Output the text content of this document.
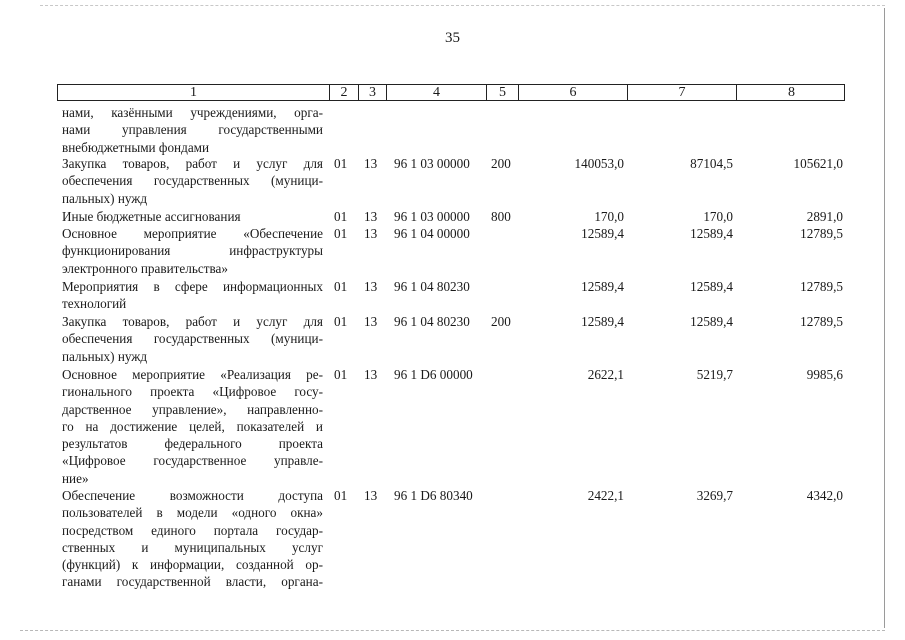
35
1	2	3	4	5	6	7	8
нами, казёнными учреждениями, орга-
нами управления государственными
внебюджетными фондами
Закупка товаров, работ и услуг для
обеспечения государственных (муници-
пальных) нужд
01 13 96 1 03 00000 200	140053,0	87104,5	105621,0
Иные бюджетные ассигнования	01 13 96 1 03 00000 800	170,0	170,0	2891,0
Основное мероприятие «Обеспечение
функционирования инфраструктуры
электронного правительства»
01 13 96 1 04 00000	12589,4	12589,4	12789,5
Мероприятия в сфере информационных
технологий
01 13 96 1 04 80230	12589,4	12589,4	12789,5
Закупка товаров, работ и услуг для
обеспечения государственных (муници-
пальных) нужд
01 13 96 1 04 80230 200	12589,4	12589,4	12789,5
Основное мероприятие «Реализация ре-
гионального проекта «Цифровое госу-
дарственное управление», направленно-
го на достижение целей, показателей и
результатов федерального проекта
«Цифровое государственное управле-
ние»
01 13 96 1 D6 00000	2622,1	5219,7	9985,6
Обеспечение возможности доступа
пользователей в модели «одного окна»
посредством единого портала государ-
ственных и муниципальных услуг
(функций) к информации, созданной ор-
ганами государственной власти, органа-
01 13 96 1 D6 80340	2422,1	3269,7	4342,0
